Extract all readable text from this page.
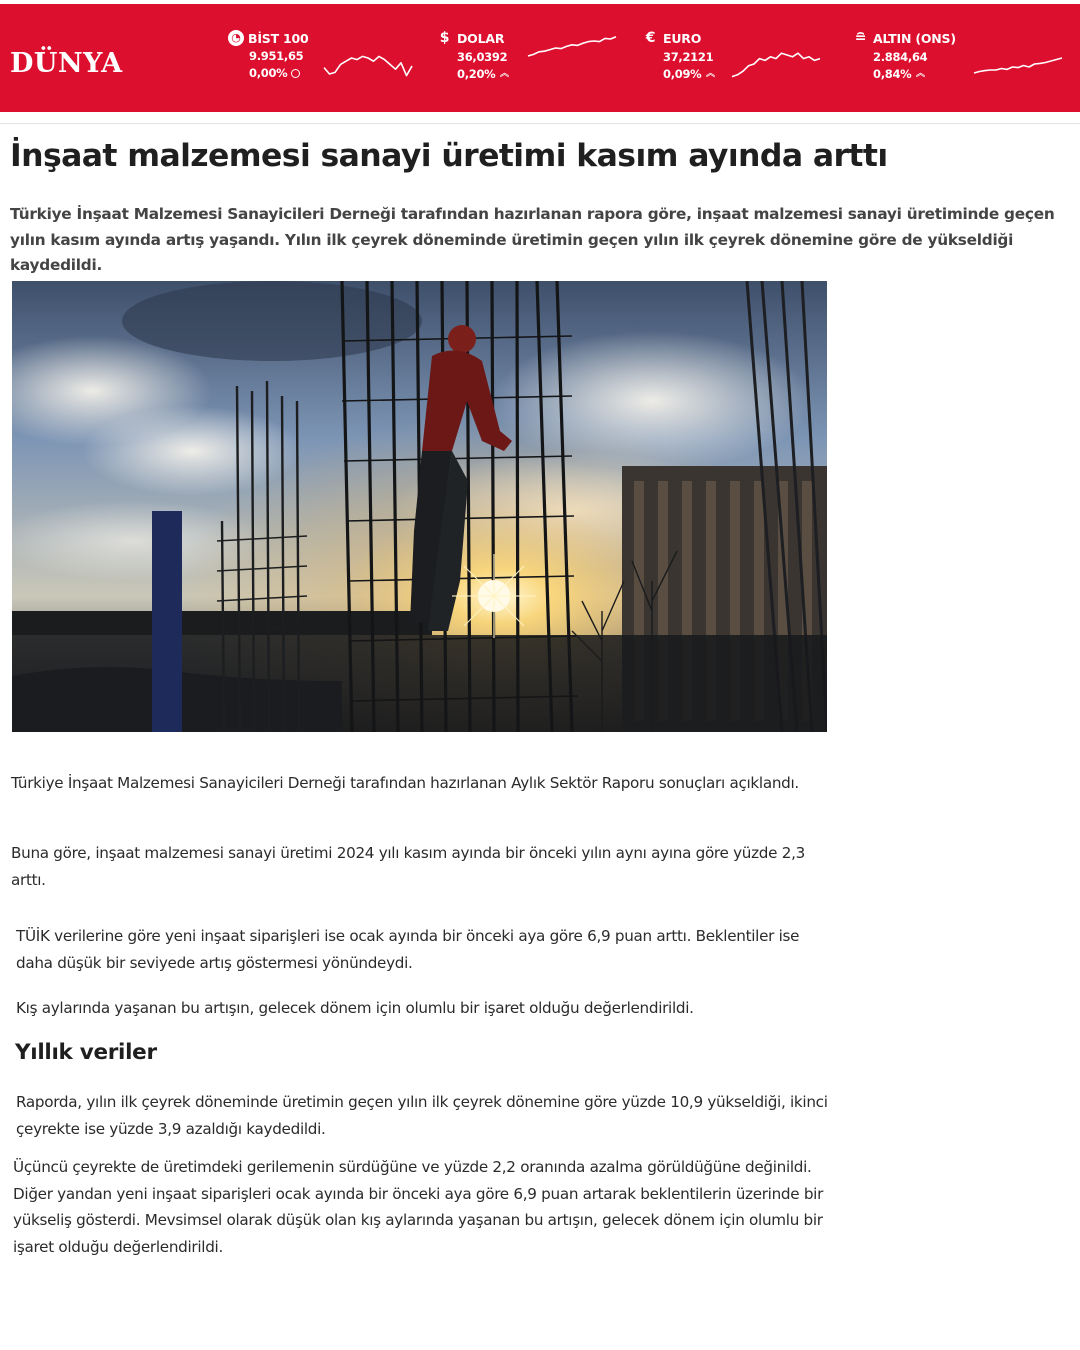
DÜNYA
◔ BİST 100
9.951,65
0,00%
$ DOLAR
36,0392
0,20% ︽
€ EURO
37,2121
0,09% ︽
≘ ALTIN (ONS)
2.884,64
0,84% ︽
İnşaat malzemesi sanayi üretimi kasım ayında arttı

Türkiye İnşaat Malzemesi Sanayicileri Derneği tarafından hazırlanan rapora göre, inşaat malzemesi sanayi üretiminde geçen yılın kasım ayında artış yaşandı. Yılın ilk çeyrek döneminde üretimin geçen yılın ilk çeyrek dönemine göre de yükseldiği kaydedildi.

Türkiye İnşaat Malzemesi Sanayicileri Derneği tarafından hazırlanan Aylık Sektör Raporu sonuçları açıklandı.

Buna göre, inşaat malzemesi sanayi üretimi 2024 yılı kasım ayında bir önceki yılın aynı ayına göre yüzde 2,3 arttı.

TÜİK verilerine göre yeni inşaat siparişleri ise ocak ayında bir önceki aya göre 6,9 puan arttı. Beklentiler ise daha düşük bir seviyede artış göstermesi yönündeydi.

Kış aylarında yaşanan bu artışın, gelecek dönem için olumlu bir işaret olduğu değerlendirildi.

Yıllık veriler

Raporda, yılın ilk çeyrek döneminde üretimin geçen yılın ilk çeyrek dönemine göre yüzde 10,9 yükseldiği, ikinci çeyrekte ise yüzde 3,9 azaldığı kaydedildi.

Üçüncü çeyrekte de üretimdeki gerilemenin sürdüğüne ve yüzde 2,2 oranında azalma görüldüğüne değinildi. Diğer yandan yeni inşaat siparişleri ocak ayında bir önceki aya göre 6,9 puan artarak beklentilerin üzerinde bir yükseliş gösterdi. Mevsimsel olarak düşük olan kış aylarında yaşanan bu artışın, gelecek dönem için olumlu bir işaret olduğu değerlendirildi.
